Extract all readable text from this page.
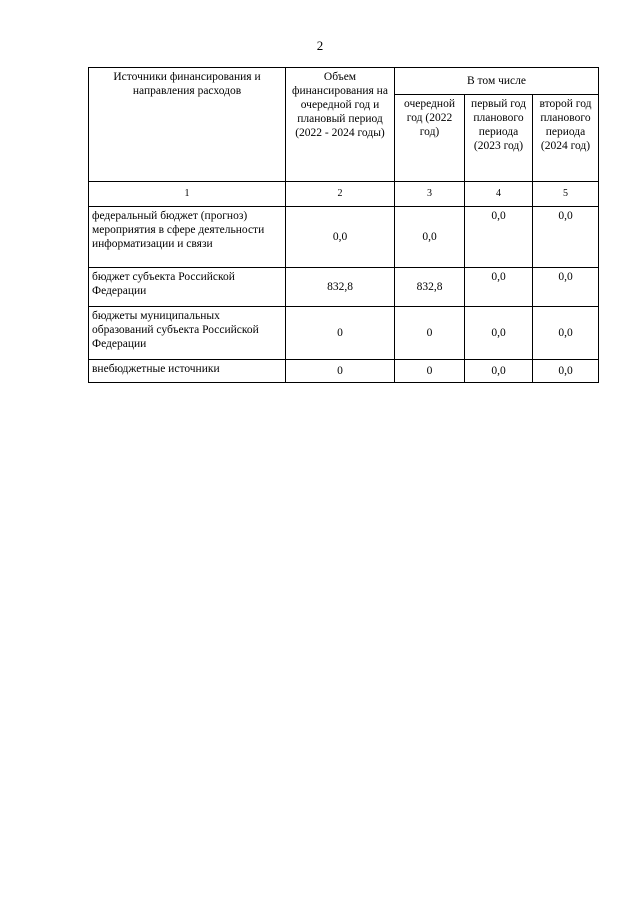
2
Источники финансирования и направления расходов	Объем финансирования на очередной год и плановый период (2022 - 2024 годы)	В том числе		
		очередной год (2022 год)	первый год планового периода (2023 год)	второй год планового периода (2024 год)
1	2	3	4	5
федеральный бюджет (прогноз) мероприятия в сфере деятельности информатизации и связи	0,0	0,0	0,0	0,0
бюджет субъекта Российской Федерации	832,8	832,8	0,0	0,0
бюджеты муниципальных образований субъекта Российской Федерации	0	0	0,0	0,0
внебюджетные источники	0	0	0,0	0,0
